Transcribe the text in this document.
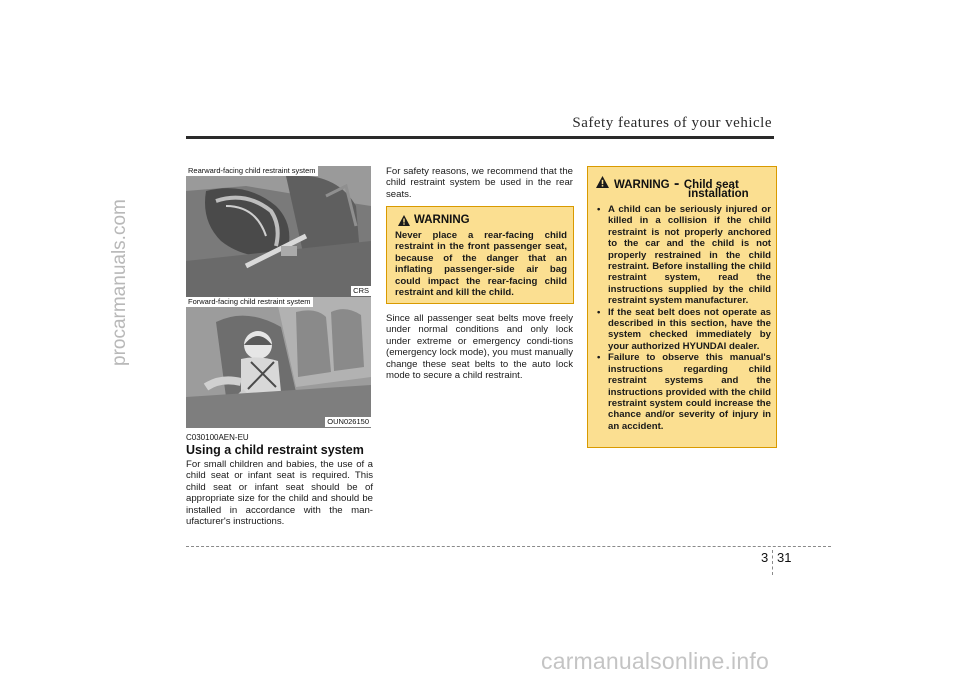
procarmanuals.com
carmanualsonline.info
Safety features of your vehicle
Rearward-facing child restraint system
CRS
Forward-facing child restraint system
OUN026150
C030100AEN-EU
Using a child restraint system
For small children and babies, the use of a child seat or infant seat is required. This child seat or infant seat should be of appropriate size for the child and should be installed in accordance with the man-ufacturer's instructions.
For safety reasons, we recommend that the child restraint system be used in the rear seats.
WARNING
Never place a rear-facing child restraint in the front passenger seat, because of the danger that an inflating passenger-side air bag could impact the rear-facing child restraint and kill the child.
Since all passenger seat belts move freely under normal conditions and only lock under extreme or emergency condi-tions (emergency lock mode), you must manually change these seat belts to the auto lock mode to secure a child restraint.
WARNING - Child seat
installation
• A child can be seriously injured or killed in a collision if the child restraint is not properly anchored to the car and the child is not properly restrained in the child restraint. Before installing the child restraint system, read the instructions supplied by the child restraint system manufacturer.
• If the seat belt does not operate as described in this section, have the system checked immediately by your authorized HYUNDAI dealer.
• Failure to observe this manual's instructions regarding child restraint systems and the instructions provided with the child restraint system could increase the chance and/or severity of injury in an accident.
3 31
